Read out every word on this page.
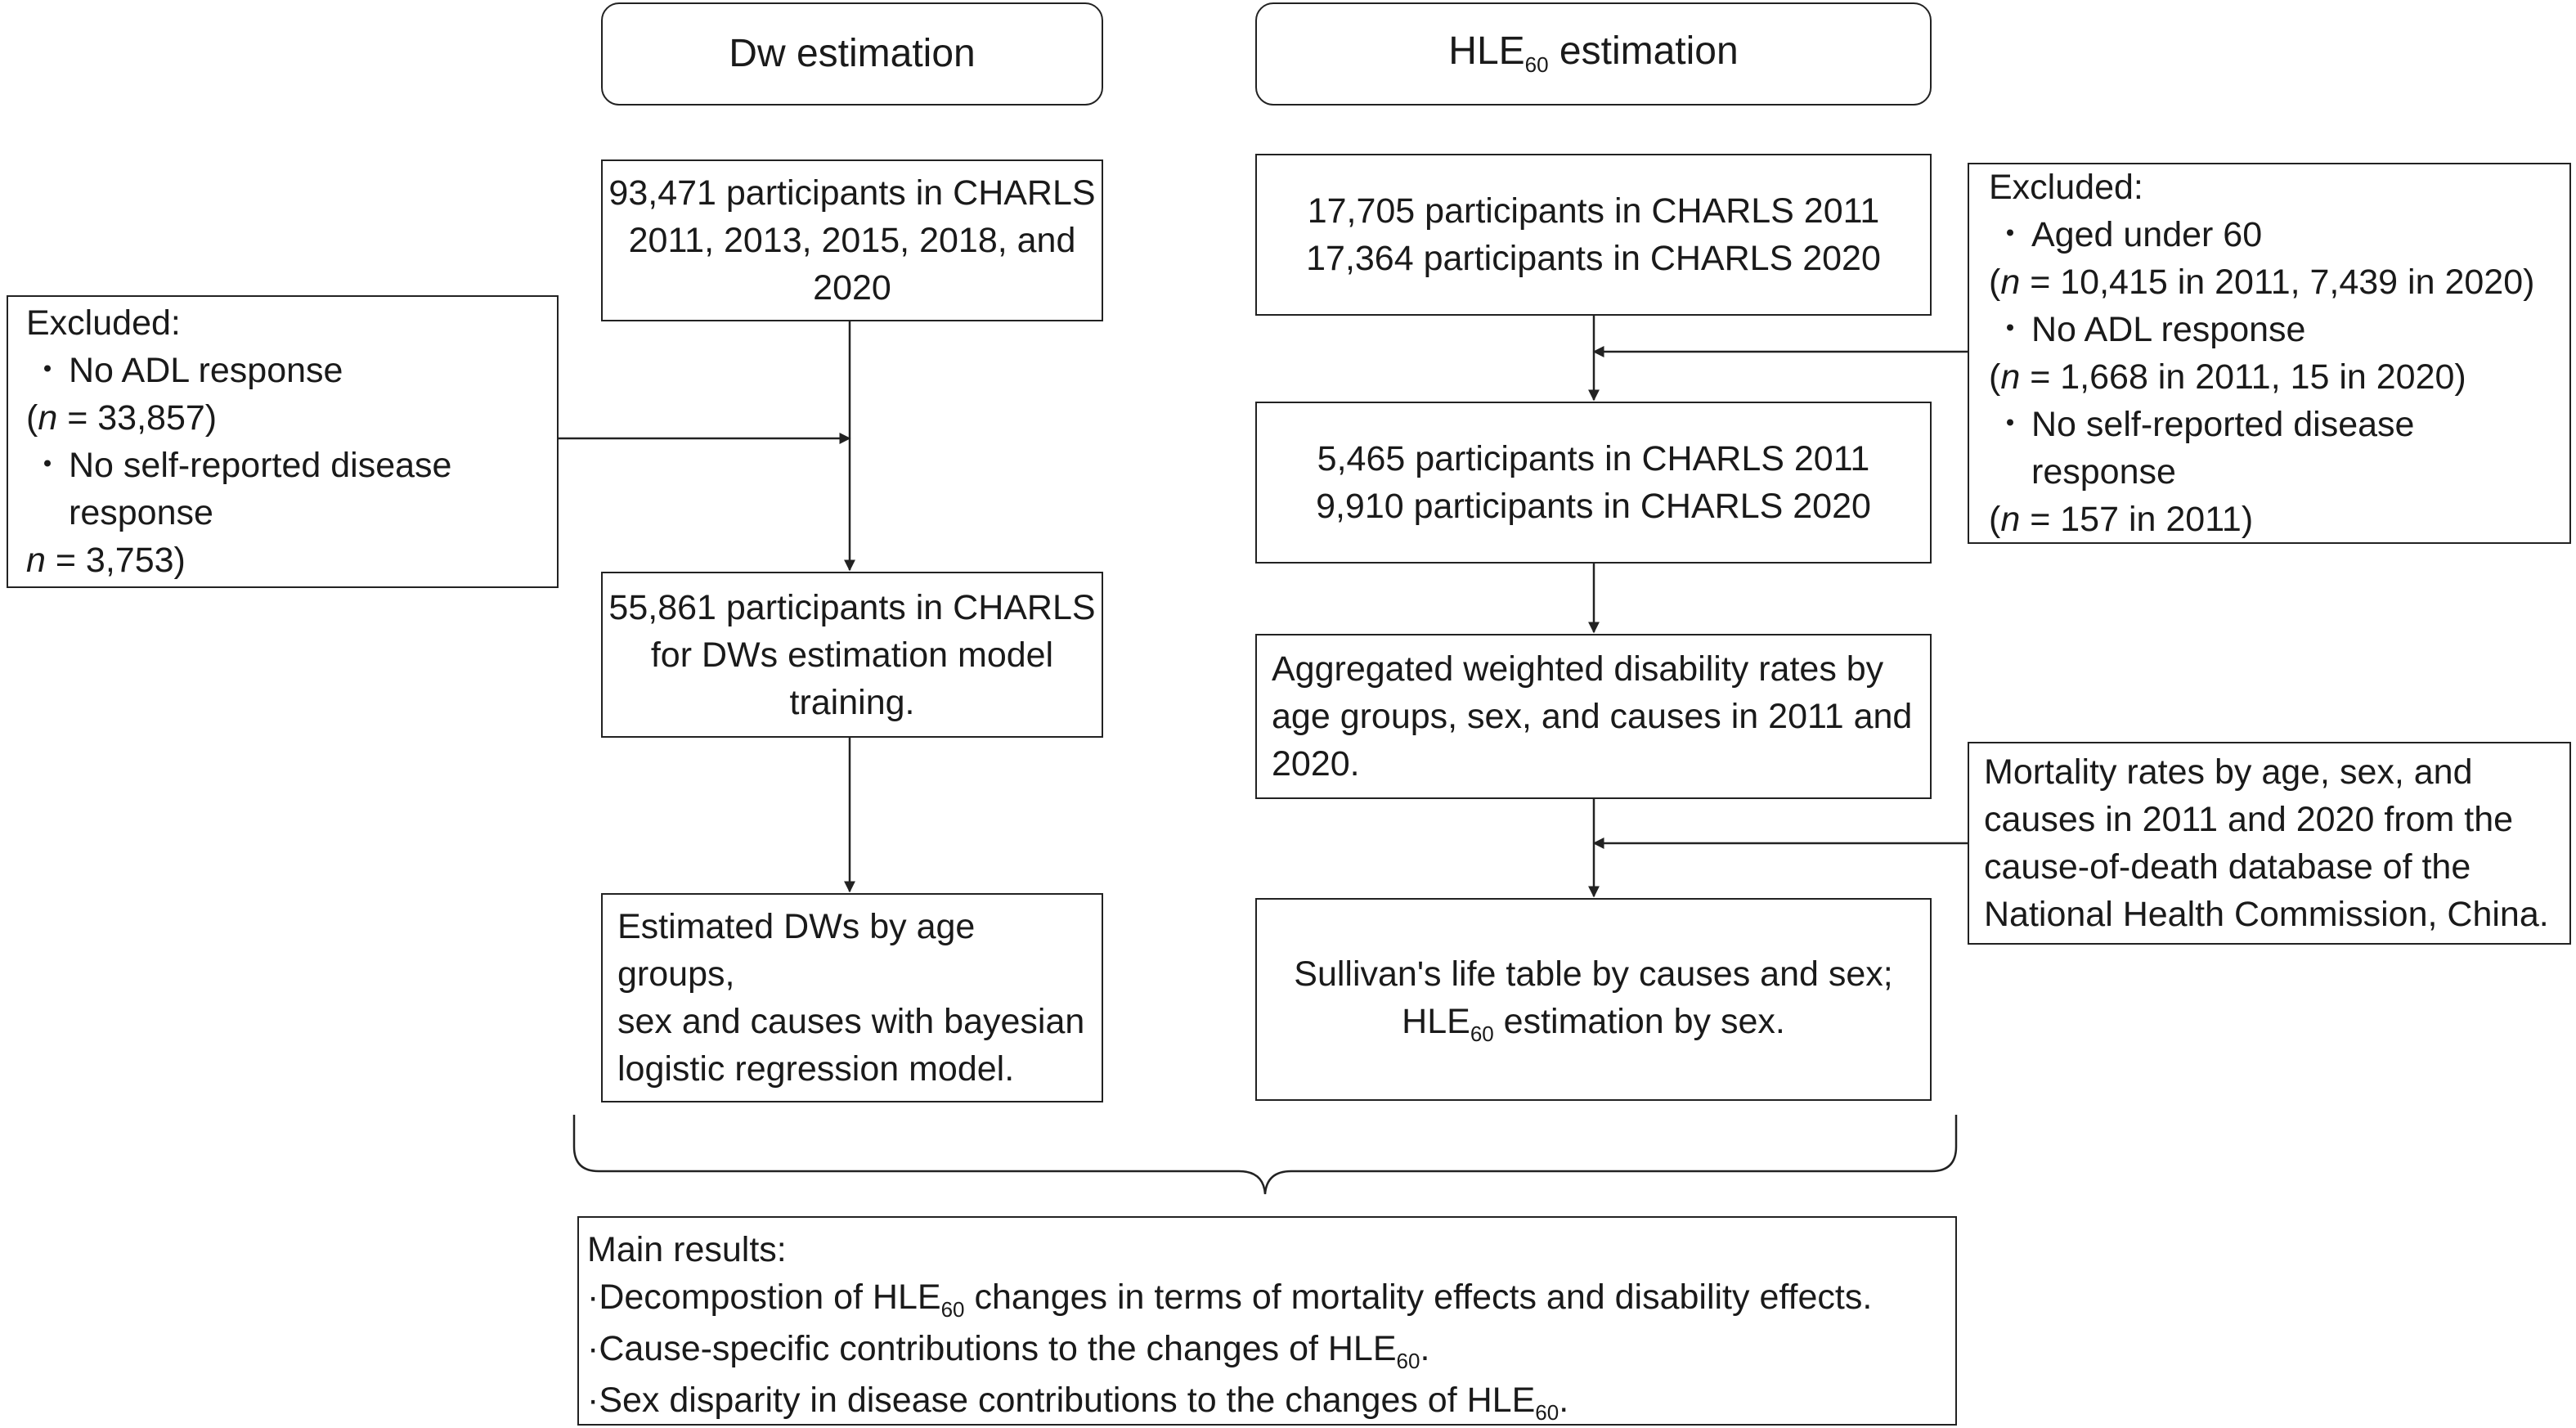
Dw estimation	$HLE_{60}$ estimation
93,471 participants in CHARLS
2011, 2013, 2015, 2018, and
2020
Excluded:
・ No ADL response
(n = 33,857)
・ No self-reported disease
response
n = 3,753)
55,861 participants in CHARLS
for DWs estimation model
training.
Estimated DWs by age groups,
sex and causes with bayesian
logistic regression model.
17,705 participants in CHARLS 2011
17,364 participants in CHARLS 2020
5,465 participants in CHARLS 2011
9,910 participants in CHARLS 2020
Aggregated weighted disability rates by
age groups, sex, and causes in 2011 and
2020.
Sullivan's life table by causes and sex;
$HLE_{60}$ estimation by sex.
Excluded:
・ Aged under 60
(n = 10,415 in 2011, 7,439 in 2020)
・ No ADL response
(n = 1,668 in 2011, 15 in 2020)
・ No self-reported disease
response
(n = 157 in 2011)
Mortality rates by age, sex, and
causes in 2011 and 2020 from the
cause-of-death database of the
National Health Commission, China.
Main results:
·Decompostion of $HLE_{60}$ changes in terms of mortality effects and disability effects.
·Cause-specific contributions to the changes of $HLE_{60}$.
·Sex disparity in disease contributions to the changes of $HLE_{60}$.
